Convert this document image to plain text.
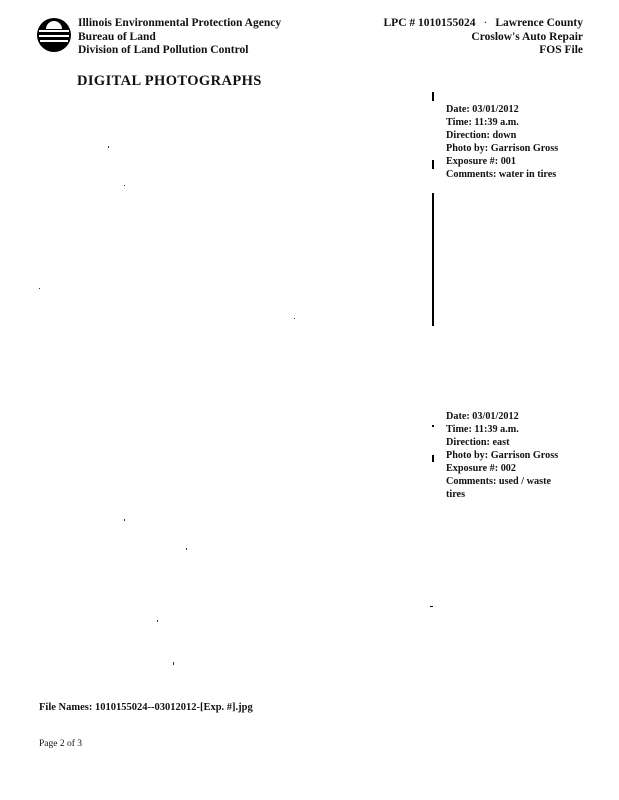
Illinois Environmental Protection Agency
Bureau of Land
Division of Land Pollution Control
LPC # 1010155024 · Lawrence County
Croslow's Auto Repair
FOS File
DIGITAL PHOTOGRAPHS
Date: 03/01/2012
Time: 11:39 a.m.
Direction: down
Photo by: Garrison Gross
Exposure #: 001
Comments: water in tires
Date: 03/01/2012
Time: 11:39 a.m.
Direction: east
Photo by: Garrison Gross
Exposure #: 002
Comments: used / waste
tires
File Names: 1010155024--03012012-[Exp. #].jpg
Page 2 of 3
